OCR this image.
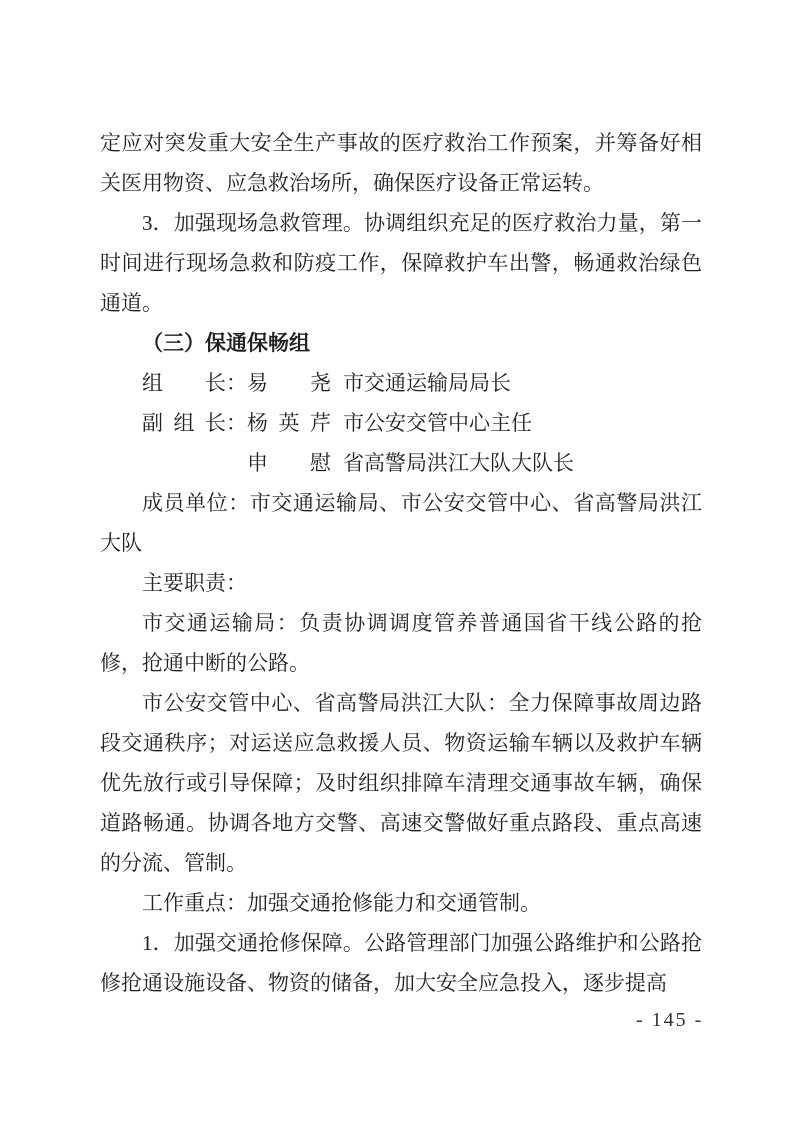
定应对突发重大安全生产事故的医疗救治工作预案，并筹备好相关医用物资、应急救治场所，确保医疗设备正常运转。

3．加强现场急救管理。协调组织充足的医疗救治力量，第一时间进行现场急救和防疫工作，保障救护车出警，畅通救治绿色通道。

（三）保通保畅组
组长：易尧 市交通运输局局长
副组长：杨英芹 市公安交管中心主任
申慰 省高警局洪江大队大队长

成员单位：市交通运输局、市公安交管中心、省高警局洪江大队

主要职责：

市交通运输局：负责协调调度管养普通国省干线公路的抢修，抢通中断的公路。

市公安交管中心、省高警局洪江大队：全力保障事故周边路段交通秩序；对运送应急救援人员、物资运输车辆以及救护车辆优先放行或引导保障；及时组织排障车清理交通事故车辆，确保道路畅通。协调各地方交警、高速交警做好重点路段、重点高速的分流、管制。

工作重点：加强交通抢修能力和交通管制。

1．加强交通抢修保障。公路管理部门加强公路维护和公路抢修抢通设施设备、物资的储备，加大安全应急投入，逐步提高

- 145 -
